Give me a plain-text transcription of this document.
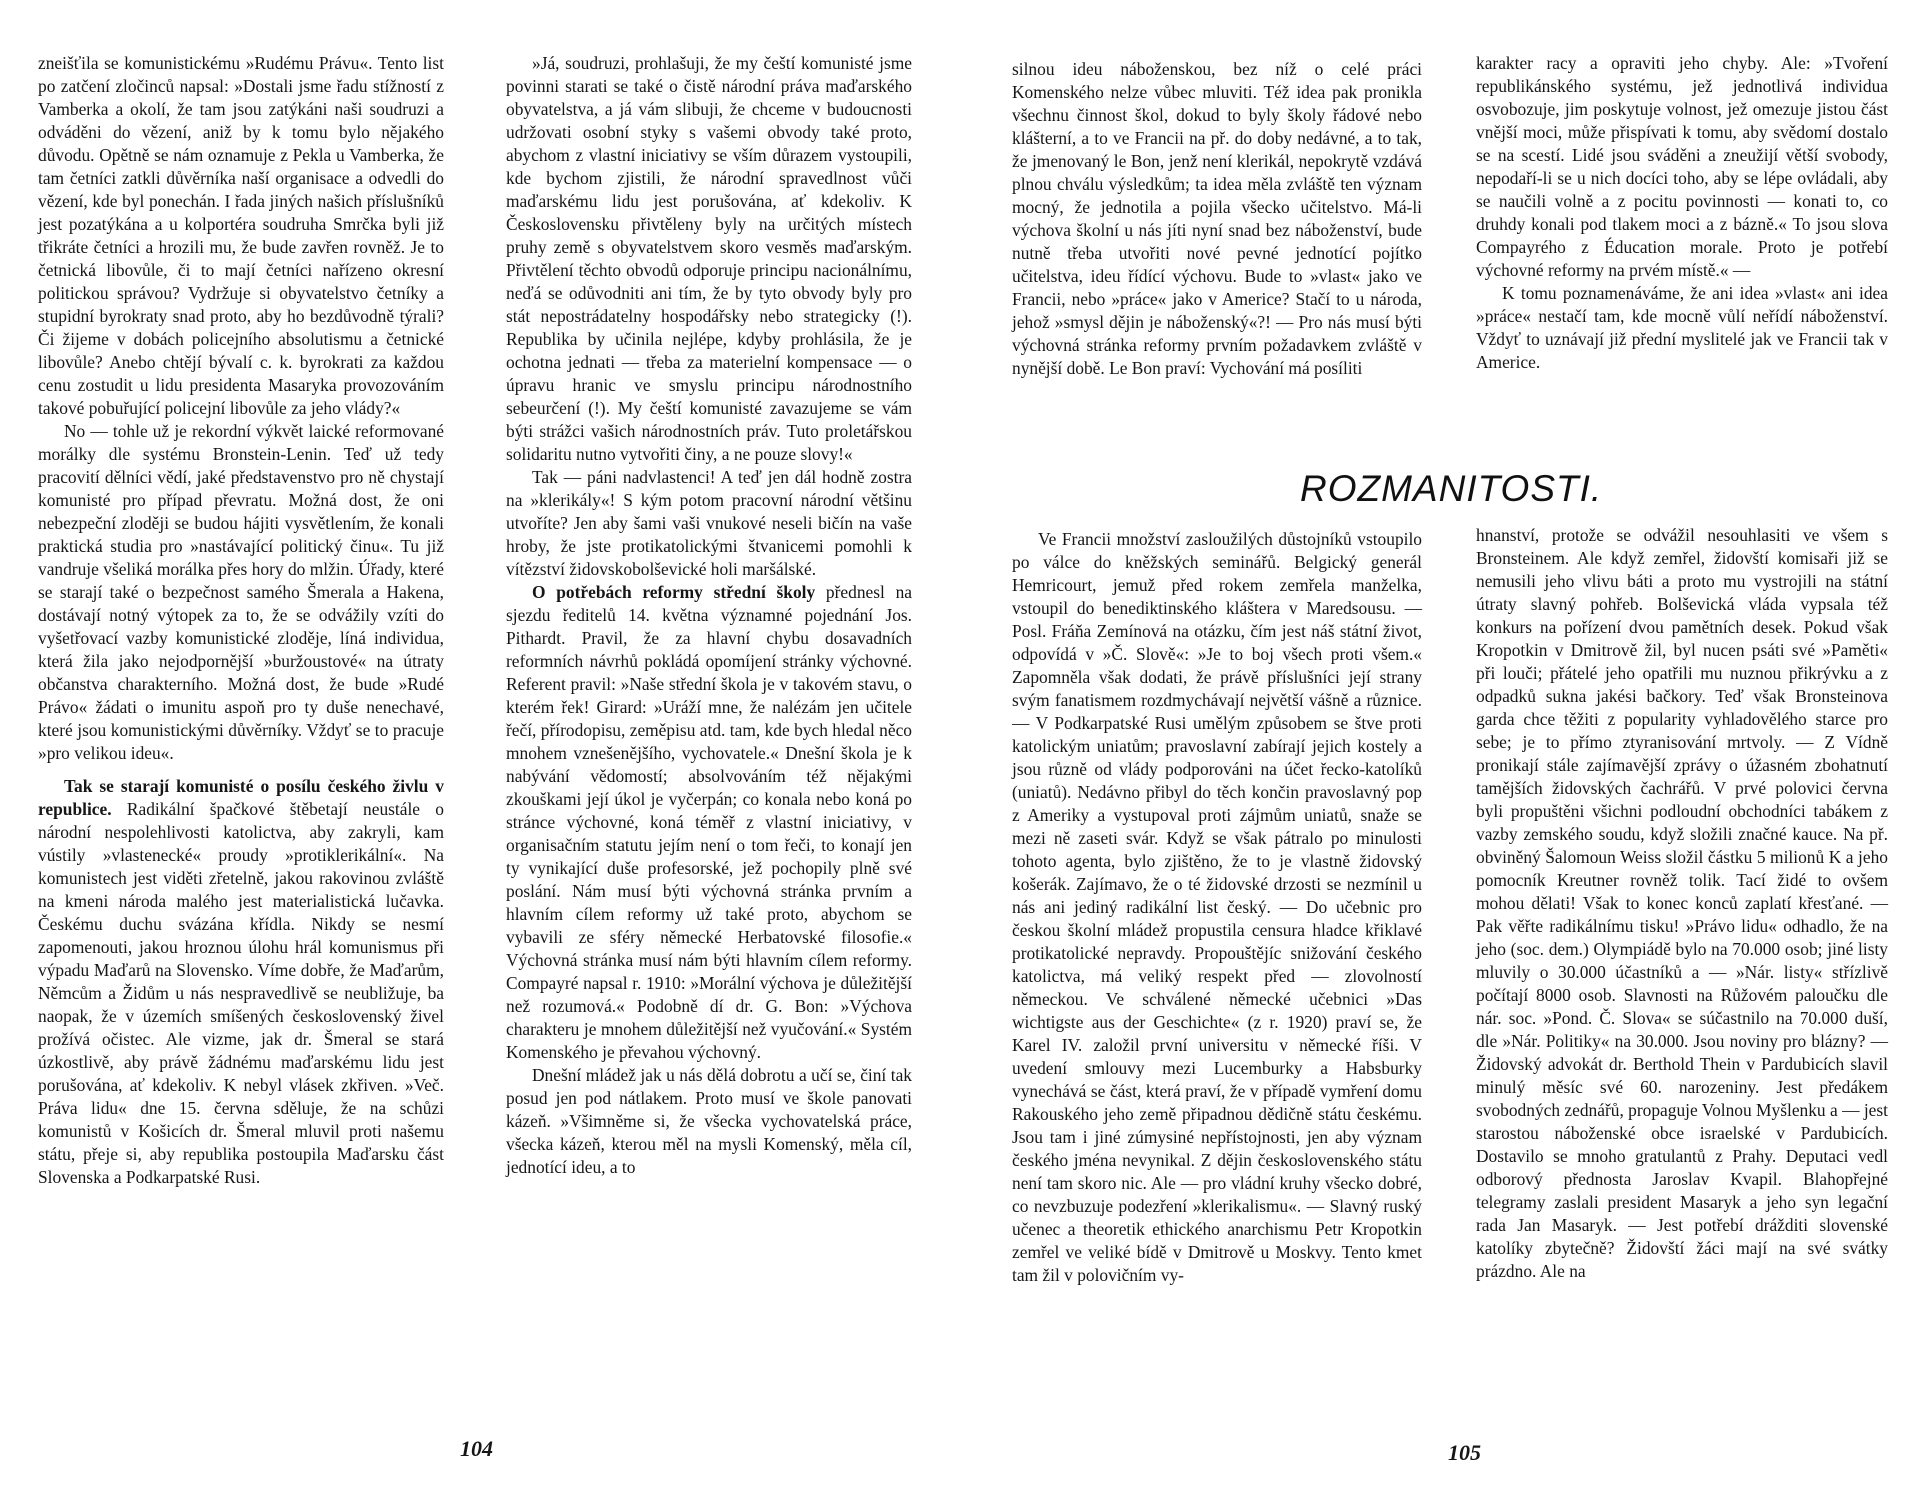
zneišťila se komunistickému »Rudému Právu«. Tento list po zatčení zločinců napsal: »Dostali jsme řadu stížností z Vamberka a okolí, že tam jsou zatýkáni naši soudruzi a odváděni do vězení, aniž by k tomu bylo nějakého důvodu. Opětně se nám oznamuje z Pekla u Vamberka, že tam četníci zatkli důvěrníka naší organisace a odvedli do vězení, kde byl ponechán. I řada jiných našich příslušníků jest pozatýkána a u kolportéra soudruha Smrčka byli již třikráte četníci a hrozili mu, že bude zavřen rovněž. Je to četnická libovůle, či to mají četníci nařízeno okresní politickou správou? Vydržuje si obyvatelstvo četníky a stupidní byrokraty snad proto, aby ho bezdůvodně týrali? Či žijeme v dobách policejního absolutismu a četnické libovůle? Anebo chtějí bývalí c. k. byrokrati za každou cenu zostudit u lidu presidenta Masaryka provozováním takové pobuřující policejní libovůle za jeho vlády?«

No — tohle už je rekordní výkvět laické reformované morálky dle systému Bronstein-Lenin. Teď už tedy pracovití dělníci vědí, jaké představenstvo pro ně chystají komunisté pro případ převratu. Možná dost, že oni nebezpeční zloději se budou hájiti vysvětlením, že konali praktická studia pro »nastávající politický činu«. Tu již vandruje všeliká morálka přes hory do mlžin. Úřady, které se starají také o bezpečnost samého Šmerala a Hakena, dostávají notný výtopek za to, že se odvážily vzíti do vyšetřovací vazby komunistické zloděje, líná individua, která žila jako nejodpornější »buržoustové« na útraty občanstva charakterního. Možná dost, že bude »Rudé Právo« žádati o imunitu aspoň pro ty duše nenechavé, které jsou komunistickými důvěrníky. Vždyť se to pracuje »pro velikou ideu«.

Tak se starají komunisté o posílu českého živlu v republice. Radikální špačkové štěbetají neustále o národní nespolehlivosti katolictva, aby zakryli, kam vústily »vlastenecké« proudy »protiklerikální«. Na komunistech jest viděti zřetelně, jakou rakovinou zvláště na kmeni národa malého jest materialistická lučavka. Českému duchu svázána křídla. Nikdy se nesmí zapomenouti, jakou hroznou úlohu hrál komunismus při výpadu Maďarů na Slovensko. Víme dobře, že Maďarům, Němcům a Židům u nás nespravedlivě se neubližuje, ba naopak, že v územích smíšených československý živel prožívá očistec. Ale vizme, jak dr. Šmeral se stará úzkostlivě, aby právě žádnému maďarskému lidu jest porušována, ať kdekoliv. K nebyl vlásek zkřiven. »Več. Práva lidu« dne 15. června sděluje, že na schůzi komunistů v Košicích dr. Šmeral mluvil proti našemu státu, přeje si, aby republika postoupila Maďarsku část Slovenska a Podkarpatské Rusi.

»Já, soudruzi, prohlašuji, že my čeští komunisté jsme povinni starati se také o čistě národní práva maďarského obyvatelstva, a já vám slibuji, že chceme v budoucnosti udržovati osobní styky s vašemi obvody také proto, abychom z vlastní iniciativy se vším důrazem vystoupili, kde bychom zjistili, že národní spravedlnost vůči maďarskému lidu jest porušována, ať kdekoliv. K Československu přivtěleny byly na určitých místech pruhy země s obyvatelstvem skoro vesměs maďarským. Přivtělení těchto obvodů odporuje principu nacionálnímu, neďá se odůvodniti ani tím, že by tyto obvody byly pro stát nepostrádatelny hospodářsky nebo strategicky (!). Republika by učinila nejlépe, kdyby prohlásila, že je ochotna jednati — třeba za materielní kompensace — o úpravu hranic ve smyslu principu národnostního sebeurčení (!). My čeští komunisté zavazujeme se vám býti strážci vašich národnostních práv. Tuto proletářskou solidaritu nutno vytvořiti činy, a ne pouze slovy!«

Tak — páni nadvlastenci! A teď jen dál hodně zostra na »klerikály«! S kým potom pracovní národní většinu utvoříte? Jen aby šami vaši vnukové neseli bičín na vaše hroby, že jste protikatolickými štvanicemi pomohli k vítězství židovskobolševické holi maršálské.

O potřebách reformy střední školy přednesl na sjezdu ředitelů 14. května významné pojednání Jos. Pithardt. Pravil, že za hlavní chybu dosavadních reformních návrhů pokládá opomíjení stránky výchovné. Referent pravil: »Naše střední škola je v takovém stavu, o kterém řek! Girard: »Uráží mne, že nalézám jen učitele řečí, přírodopisu, zeměpisu atd. tam, kde bych hledal něco mnohem vznešenějšího, vychovatele.« Dnešní škola je k nabývání vědomostí; absolvováním též nějakými zkouškami její úkol je vyčerpán; co konala nebo koná po stránce výchovné, koná téměř z vlastní iniciativy, v organisačním statutu jejím není o tom řeči, to konají jen ty vynikající duše profesorské, jež pochopily plně své poslání. Nám musí býti výchovná stránka prvním a hlavním cílem reformy už také proto, abychom se vybavili ze sféry německé Herbatovské filosofie.« Výchovná stránka musí nám býti hlavním cílem reformy. Compayré napsal r. 1910: »Morální výchova je důležitější než rozumová.« Podobně dí dr. G. Bon: »Výchova charakteru je mnohem důležitější než vyučování.« Systém Komenského je převahou výchovný.

Dnešní mládež jak u nás dělá dobrotu a učí se, činí tak posud jen pod nátlakem. Proto musí ve škole panovati kázeň. »Všimněme si, že všecka vychovatelská práce, všecka kázeň, kterou měl na mysli Komenský, měla cíl, jednotící ideu, a to

104

silnou ideu náboženskou, bez níž o celé práci Komenského nelze vůbec mluviti. Též idea pak pronikla všechnu činnost škol, dokud to byly školy řádové nebo klášterní, a to ve Francii na př. do doby nedávné, a to tak, že jmenovaný le Bon, jenž není klerikál, nepokrytě vzdává plnou chválu výsledkům; ta idea měla zvláště ten význam mocný, že jednotila a pojila všecko učitelstvo. Má-li výchova školní u nás jíti nyní snad bez náboženství, bude nutně třeba utvořiti nové pevné jednotící pojítko učitelstva, ideu řídící výchovu. Bude to »vlast« jako ve Francii, nebo »práce« jako v Americe? Stačí to u národa, jehož »smysl dějin je náboženský«?! — Pro nás musí býti výchovná stránka reformy prvním požadavkem zvláště v nynější době. Le Bon praví: Vychování má posíliti

karakter racy a opraviti jeho chyby. Ale: »Tvoření republikánského systému, jež jednotlivá individua osvobozuje, jim poskytuje volnost, jež omezuje jistou část vnější moci, může přispívati k tomu, aby svědomí dostalo se na scestí. Lidé jsou sváděni a zneužijí větší svobody, nepodaří-li se u nich docíci toho, aby se lépe ovládali, aby se naučili volně a z pocitu povinnosti — konati to, co druhdy konali pod tlakem moci a z bázně.« To jsou slova Compayrého z Éducation morale. Proto je potřebí výchovné reformy na prvém místě.« —

K tomu poznamenáváme, že ani idea »vlast« ani idea »práce« nestačí tam, kde mocně vůlí neřídí náboženství. Vždyť to uznávají již přední myslitelé jak ve Francii tak v Americe.

ROZMANITOSTI.

Ve Francii množství zasloužilých důstojníků vstoupilo po válce do kněžských seminářů. Belgický generál Hemricourt, jemuž před rokem zemřela manželka, vstoupil do benediktinského kláštera v Maredsousu. — Posl. Fráňa Zemínová na otázku, čím jest náš státní život, odpovídá v »Č. Slově«: »Je to boj všech proti všem.« Zapomněla však dodati, že právě příslušníci její strany svým fanatismem rozdmychávají největší vášně a různice. — V Podkarpatské Rusi umělým způsobem se štve proti katolickým uniatům; pravoslavní zabírají jejich kostely a jsou různě od vlády podporováni na účet řecko-katolíků (uniatů). Nedávno přibyl do těch končin pravoslavný pop z Ameriky a vystupoval proti zájmům uniatů, snaže se mezi ně zaseti svár. Když se však pátralo po minulosti tohoto agenta, bylo zjištěno, že to je vlastně židovský košerák. Zajímavo, že o té židovské drzosti se nezmínil u nás ani jediný radikální list český. — Do učebnic pro českou školní mládež propustila censura hladce křiklavé protikatolické nepravdy. Propouštějíc snižování českého katolictva, má veliký respekt před — zlovolností německou. Ve schválené německé učebnici »Das wichtigste aus der Geschichte« (z r. 1920) praví se, že Karel IV. založil první universitu v německé říši. V uvedení smlouvy mezi Lucemburky a Habsburky vynechává se část, která praví, že v případě vymření domu Rakouského jeho země připadnou dědičně státu českému. Jsou tam i jiné zúmysiné nepřístojnosti, jen aby význam českého jména nevynikal. Z dějin československého státu není tam skoro nic. Ale — pro vládní kruhy všecko dobré, co nevzbuzuje podezření »klerikalismu«. — Slavný ruský učenec a theoretik ethického anarchismu Petr Kropotkin zemřel ve veliké bídě v Dmitrově u Moskvy. Tento kmet tam žil v polovičním vy-

hnanství, protože se odvážil nesouhlasiti ve všem s Bronsteinem. Ale když zemřel, židovští komisaři již se nemusili jeho vlivu báti a proto mu vystrojili na státní útraty slavný pohřeb. Bolševická vláda vypsala též konkurs na pořízení dvou pamětních desek. Pokud však Kropotkin v Dmitrově žil, byl nucen psáti své »Paměti« při louči; přátelé jeho opatřili mu nuznou přikrývku a z odpadků sukna jakési bačkory. Teď však Bronsteinova garda chce těžiti z popularity vyhladovělého starce pro sebe; je to přímo ztyranisování mrtvoly. — Z Vídně pronikají stále zajímavější zprávy o úžasném zbohatnutí tamějších židovských čachrářů. V prvé polovici června byli propuštěni všichni podloudní obchodníci tabákem z vazby zemského soudu, když složili značné kauce. Na př. obviněný Šalomoun Weiss složil částku 5 milionů K a jeho pomocník Kreutner rovněž tolik. Tací židé to ovšem mohou dělati! Však to konec konců zaplatí křesťané. — Pak věřte radikálnímu tisku! »Právo lidu« odhadlo, že na jeho (soc. dem.) Olympiádě bylo na 70.000 osob; jiné listy mluvily o 30.000 účastníků a — »Nár. listy« střízlivě počítají 8000 osob. Slavnosti na Růžovém paloučku dle nár. soc. »Pond. Č. Slova« se súčastnilo na 70.000 duší, dle »Nár. Politiky« na 30.000. Jsou noviny pro blázny? — Židovský advokát dr. Berthold Thein v Pardubicích slavil minulý měsíc své 60. narozeniny. Jest předákem svobodných zednářů, propaguje Volnou Myšlenku a — jest starostou náboženské obce israelské v Pardubicích. Dostavilo se mnoho gratulantů z Prahy. Deputaci vedl odborový přednosta Jaroslav Kvapil. Blahopřejné telegramy zaslali president Masaryk a jeho syn legační rada Jan Masaryk. — Jest potřebí drážditi slovenské katolíky zbytečně? Židovští žáci mají na své svátky prázdno. Ale na

105
